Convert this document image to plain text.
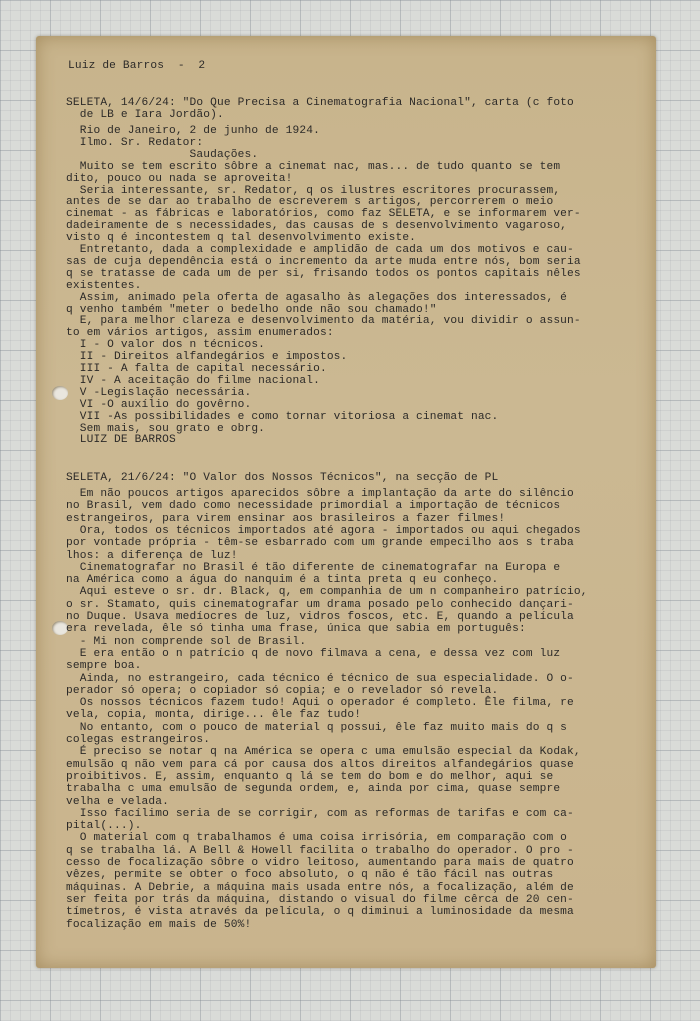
Luiz de Barros  -  2

SELETA, 14/6/24: "Do Que Precisa a Cinematografia Nacional", carta (c foto

de LB e Iara Jordão).

Rio de Janeiro, 2 de junho de 1924.

Ilmo. Sr. Redator:

Saudações.

Muito se tem escrito sôbre a cinemat nac, mas... de tudo quanto se tem

dito, pouco ou nada se aproveita!

Seria interessante, sr. Redator, q os ilustres escritores procurassem,

antes de se dar ao trabalho de escreverem s artigos, percorrerem o meio

cinemat - as fábricas e laboratórios, como faz SELETA, e se informarem ver-

dadeiramente de s necessidades, das causas de s desenvolvimento vagaroso,

visto q é incontestem q tal desenvolvimento existe.

Entretanto, dada a complexidade e amplidão de cada um dos motivos e cau-

sas de cuja dependência está o incremento da arte muda entre nós, bom seria

q se tratasse de cada um de per si, frisando todos os pontos capitais nêles

existentes.

Assim, animado pela oferta de agasalho às alegações dos interessados, é

q venho também "meter o bedelho onde não sou chamado!"

E, para melhor clareza e desenvolvimento da matéria, vou dividir o assun-

to em vários artigos, assim enumerados:

I - O valor dos n técnicos.

II - Direitos alfandegários e impostos.

III - A falta de capital necessário.

IV - A aceitação do filme nacional.

V -Legislação necessária.

VI -O auxílio do govêrno.

VII -As possibilidades e como tornar vitoriosa a cinemat nac.

Sem mais, sou grato e obrg.

LUIZ DE BARROS

SELETA, 21/6/24: "O Valor dos Nossos Técnicos", na secção de PL

Em não poucos artigos aparecidos sôbre a implantação da arte do silêncio

no Brasil, vem dado como necessidade primordial a importação de técnicos

estrangeiros, para virem ensinar aos brasileiros a fazer filmes!

Ora, todos os técnicos importados até agora - importados ou aqui chegados

por vontade própria - têm-se esbarrado com um grande empecilho aos s traba

lhos: a diferença de luz!

Cinematografar no Brasil é tão diferente de cinematografar na Europa e

na América como a água do nanquim é a tinta preta q eu conheço.

Aqui esteve o sr. dr. Black, q, em companhia de um n companheiro patrício,

o sr. Stamato, quis cinematografar um drama posado pelo conhecido dançari-

no Duque. Usava medíocres de luz, vidros foscos, etc. E, quando a película

era revelada, êle só tinha uma frase, única que sabia em português:

- Mi non comprende sol de Brasil.

E era então o n patrício q de novo filmava a cena, e dessa vez com luz

sempre boa.

Ainda, no estrangeiro, cada técnico é técnico de sua especialidade. O o-

perador só opera; o copiador só copia; e o revelador só revela.

Os nossos técnicos fazem tudo! Aqui o operador é completo. Êle filma, re

vela, copia, monta, dirige... êle faz tudo!

No entanto, com o pouco de material q possui, êle faz muito mais do q s

colegas estrangeiros.

É preciso se notar q na América se opera c uma emulsão especial da Kodak,

emulsão q não vem para cá por causa dos altos direitos alfandegários quase

proibitivos. E, assim, enquanto q lá se tem do bom e do melhor, aqui se

trabalha c uma emulsão de segunda ordem, e, ainda por cima, quase sempre

velha e velada.

Isso facílimo seria de se corrigir, com as reformas de tarifas e com ca-

pital(...).

O material com q trabalhamos é uma coisa irrisória, em comparação com o

q se trabalha lá. A Bell & Howell facilita o trabalho do operador. O pro -

cesso de focalização sôbre o vidro leitoso, aumentando para mais de quatro

vêzes, permite se obter o foco absoluto, o q não é tão fácil nas outras

máquinas. A Debrie, a máquina mais usada entre nós, a focalização, além de

ser feita por trás da máquina, distando o visual do filme cêrca de 20 cen-

tímetros, é vista através da película, o q diminui a luminosidade da mesma

focalização em mais de 50%!
